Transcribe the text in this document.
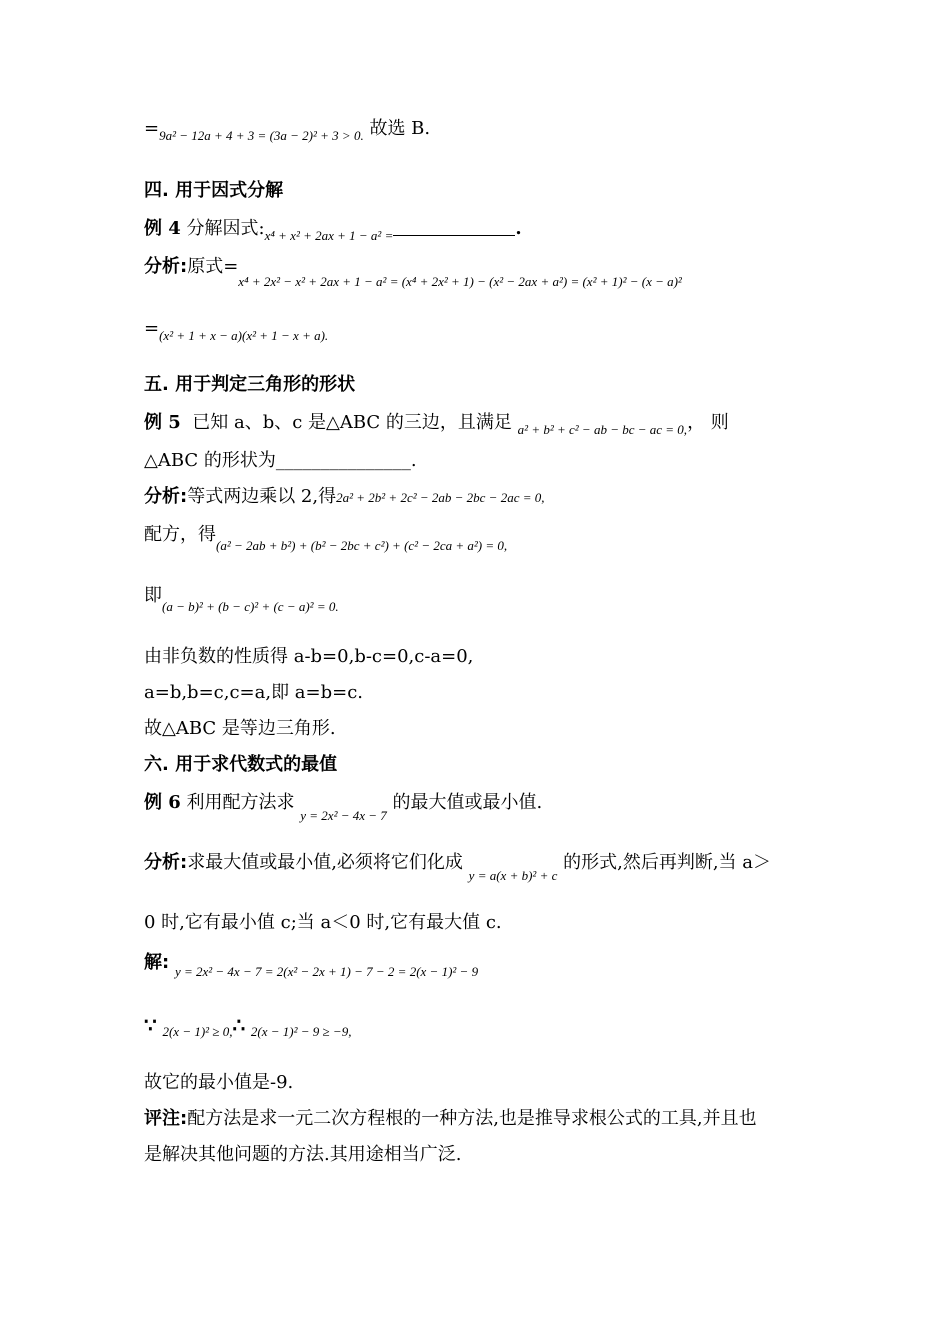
$=_{9a^2 - 12a + 4 + 3 = (3a - 2)^2 + 3 > 0.}$ 故选 B.
四. 用于因式分解
例 4 分解因式$:_{x^4 + x^2 + 2ax + 1 - a^2 =}$	.
分析:原式$=_{x^4 + 2x^2 - x^2 + 2ax + 1 - a^2 = (x^4 + 2x^2 + 1) - (x^2 - 2ax + a^2) = (x^2 + 1)^2 - (x - a)^2}$
$=_{(x^2 + 1 + x - a)(x^2 + 1 - x + a).}$
五. 用于判定三角形的形状
例 5 已知 a、b、c 是△ABC 的三边，且满足 $_{a^2 + b^2 + c^2 - ab - bc - ac = 0,}$， 则
△ABC 的形状为_______________.
分析:等式两边乘以 2,得2a² + 2b² + 2c² − 2ab − 2bc − 2ac = 0,
配方，得$_{(a^2 - 2ab + b^2) + (b^2 - 2bc + c^2) + (c^2 - 2ca + a^2) = 0,}$
即$_{(a - b)^2 + (b - c)^2 + (c - a)^2 = 0.}$
由非负数的性质得 a-b=0,b-c=0,c-a=0,
a=b,b=c,c=a,即 a=b=c.
故△ABC 是等边三角形.
六. 用于求代数式的最值
例 6 利用配方法求 $_{y = 2x^2 - 4x - 7}$ 的最大值或最小值.
分析:求最大值或最小值,必须将它们化成 $_{y = a(x + b)^2 + c}$ 的形式,然后再判断,当 a＞
0 时,它有最小值 c;当 a＜0 时,它有最大值 c.
解: $_{y = 2x^2 - 4x - 7 = 2(x^2 - 2x + 1) - 7 - 2 = 2(x - 1)^2 - 9}$
∵ $_{2(x - 1)^2 \ge 0,}$∴ $_{2(x - 1)^2 - 9 \ge -9,}$
故它的最小值是-9.
评注:配方法是求一元二次方程根的一种方法,也是推导求根公式的工具,并且也
是解决其他问题的方法.其用途相当广泛.
